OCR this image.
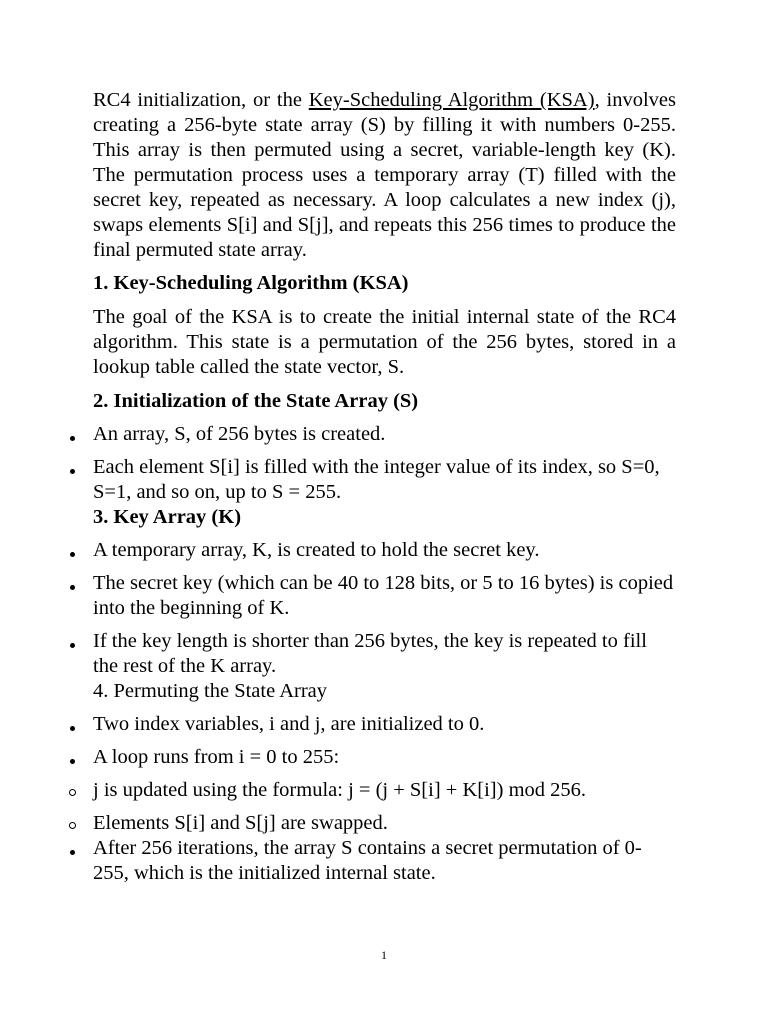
RC4 initialization, or the Key-Scheduling Algorithm (KSA), involves creating a 256-byte state array (S) by filling it with numbers 0-255. This array is then permuted using a secret, variable-length key (K). The permutation process uses a temporary array (T) filled with the secret key, repeated as necessary. A loop calculates a new index (j), swaps elements S[i] and S[j], and repeats this 256 times to produce the final permuted state array.

1. Key-Scheduling Algorithm (KSA)

The goal of the KSA is to create the initial internal state of the RC4 algorithm. This state is a permutation of the 256 bytes, stored in a lookup table called the state vector, S.

2. Initialization of the State Array (S)

An array, S, of 256 bytes is created.
Each element S[i] is filled with the integer value of its index, so S=0, S=1, and so on, up to S = 255.

3. Key Array (K)

A temporary array, K, is created to hold the secret key.
The secret key (which can be 40 to 128 bits, or 5 to 16 bytes) is copied into the beginning of K.
If the key length is shorter than 256 bytes, the key is repeated to fill the rest of the K array.

4. Permuting the State Array

Two index variables, i and j, are initialized to 0.
A loop runs from i = 0 to 255:
j is updated using the formula: j = (j + S[i] + K[i]) mod 256.
Elements S[i] and S[j] are swapped.
After 256 iterations, the array S contains a secret permutation of 0-255, which is the initialized internal state.
1
